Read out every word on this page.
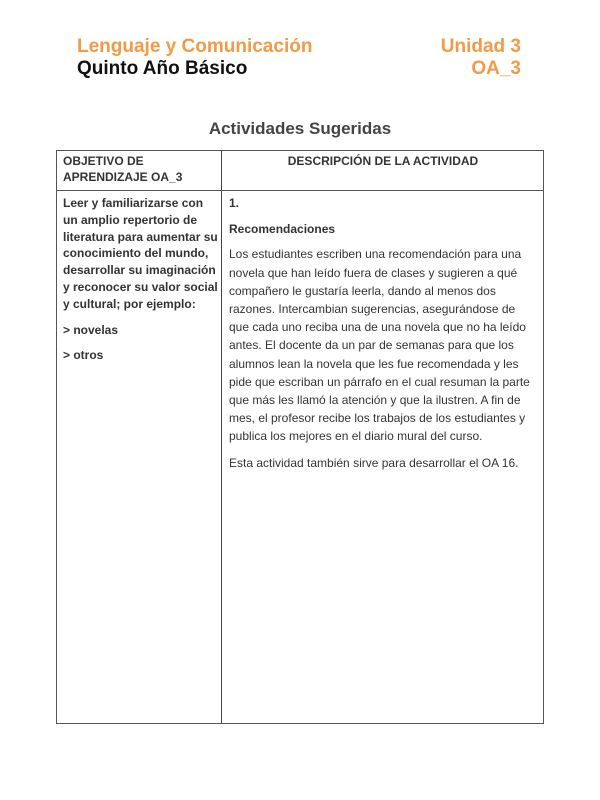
Lenguaje y Comunicación
Quinto Año Básico
Unidad 3
OA_3
Actividades Sugeridas
OBJETIVO DE APRENDIZAJE OA_3
DESCRIPCIÓN DE LA ACTIVIDAD

Leer y familiarizarse con un amplio repertorio de literatura para aumentar su conocimiento del mundo, desarrollar su imaginación y reconocer su valor social y cultural; por ejemplo:

> novelas

> otros

1.
Recomendaciones
Los estudiantes escriben una recomendación para una novela que han leído fuera de clases y sugieren a qué compañero le gustaría leerla, dando al menos dos razones. Intercambian sugerencias, asegurándose de que cada uno reciba una de una novela que no ha leído antes. El docente da un par de semanas para que los alumnos lean la novela que les fue recomendada y les pide que escriban un párrafo en el cual resuman la parte que más les llamó la atención y que la ilustren. A fin de mes, el profesor recibe los trabajos de los estudiantes y publica los mejores en el diario mural del curso.
Esta actividad también sirve para desarrollar el OA 16.
